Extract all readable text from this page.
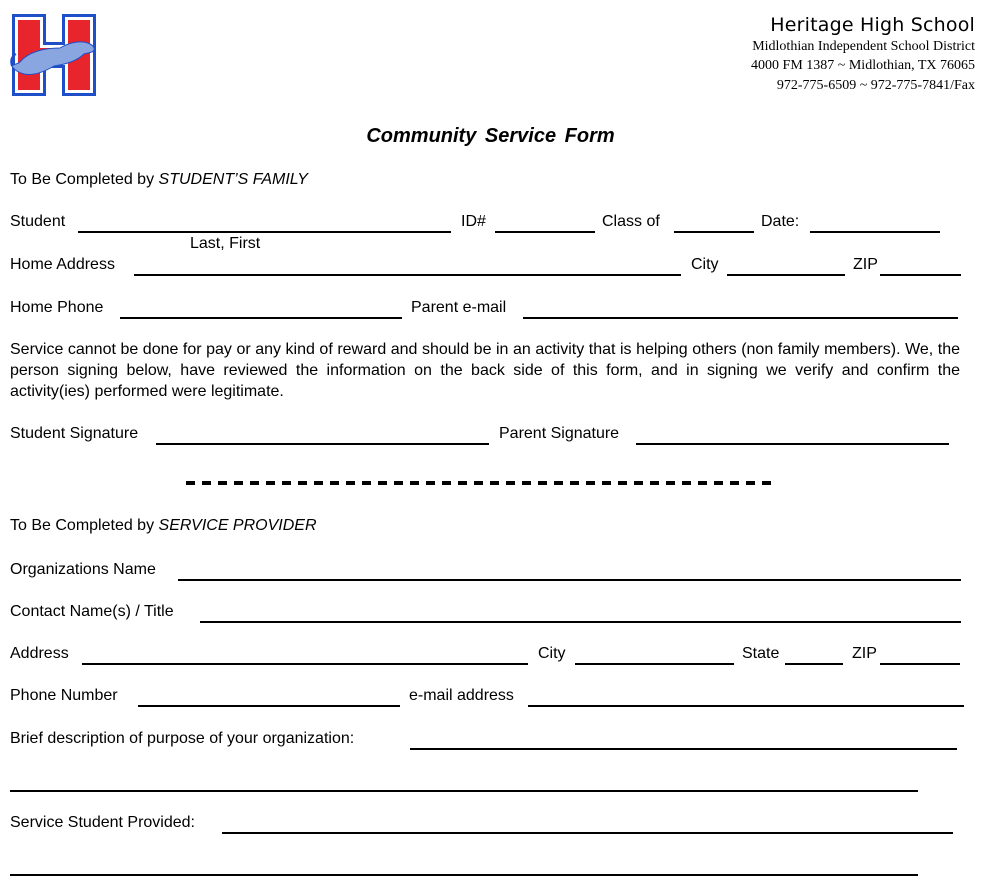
Heritage High School
Midlothian Independent School District
4000 FM 1387 ~ Midlothian, TX 76065
972-775-6509 ~ 972-775-7841/Fax
Community Service Form
To Be Completed by STUDENT’S FAMILY
Student	ID#	Class of	Date:
Last, First
Home Address	City	ZIP
Home Phone	Parent e-mail
Service cannot be done for pay or any kind of reward and should be in an activity that is helping others (non family members). We, the person signing below, have reviewed the information on the back side of this form, and in signing we verify and confirm the activity(ies) performed were legitimate.
Student Signature	Parent Signature
To Be Completed by SERVICE PROVIDER
Organizations Name
Contact Name(s) / Title
Address	City	State	ZIP
Phone Number	e-mail address
Brief description of purpose of your organization:
Service Student Provided:
